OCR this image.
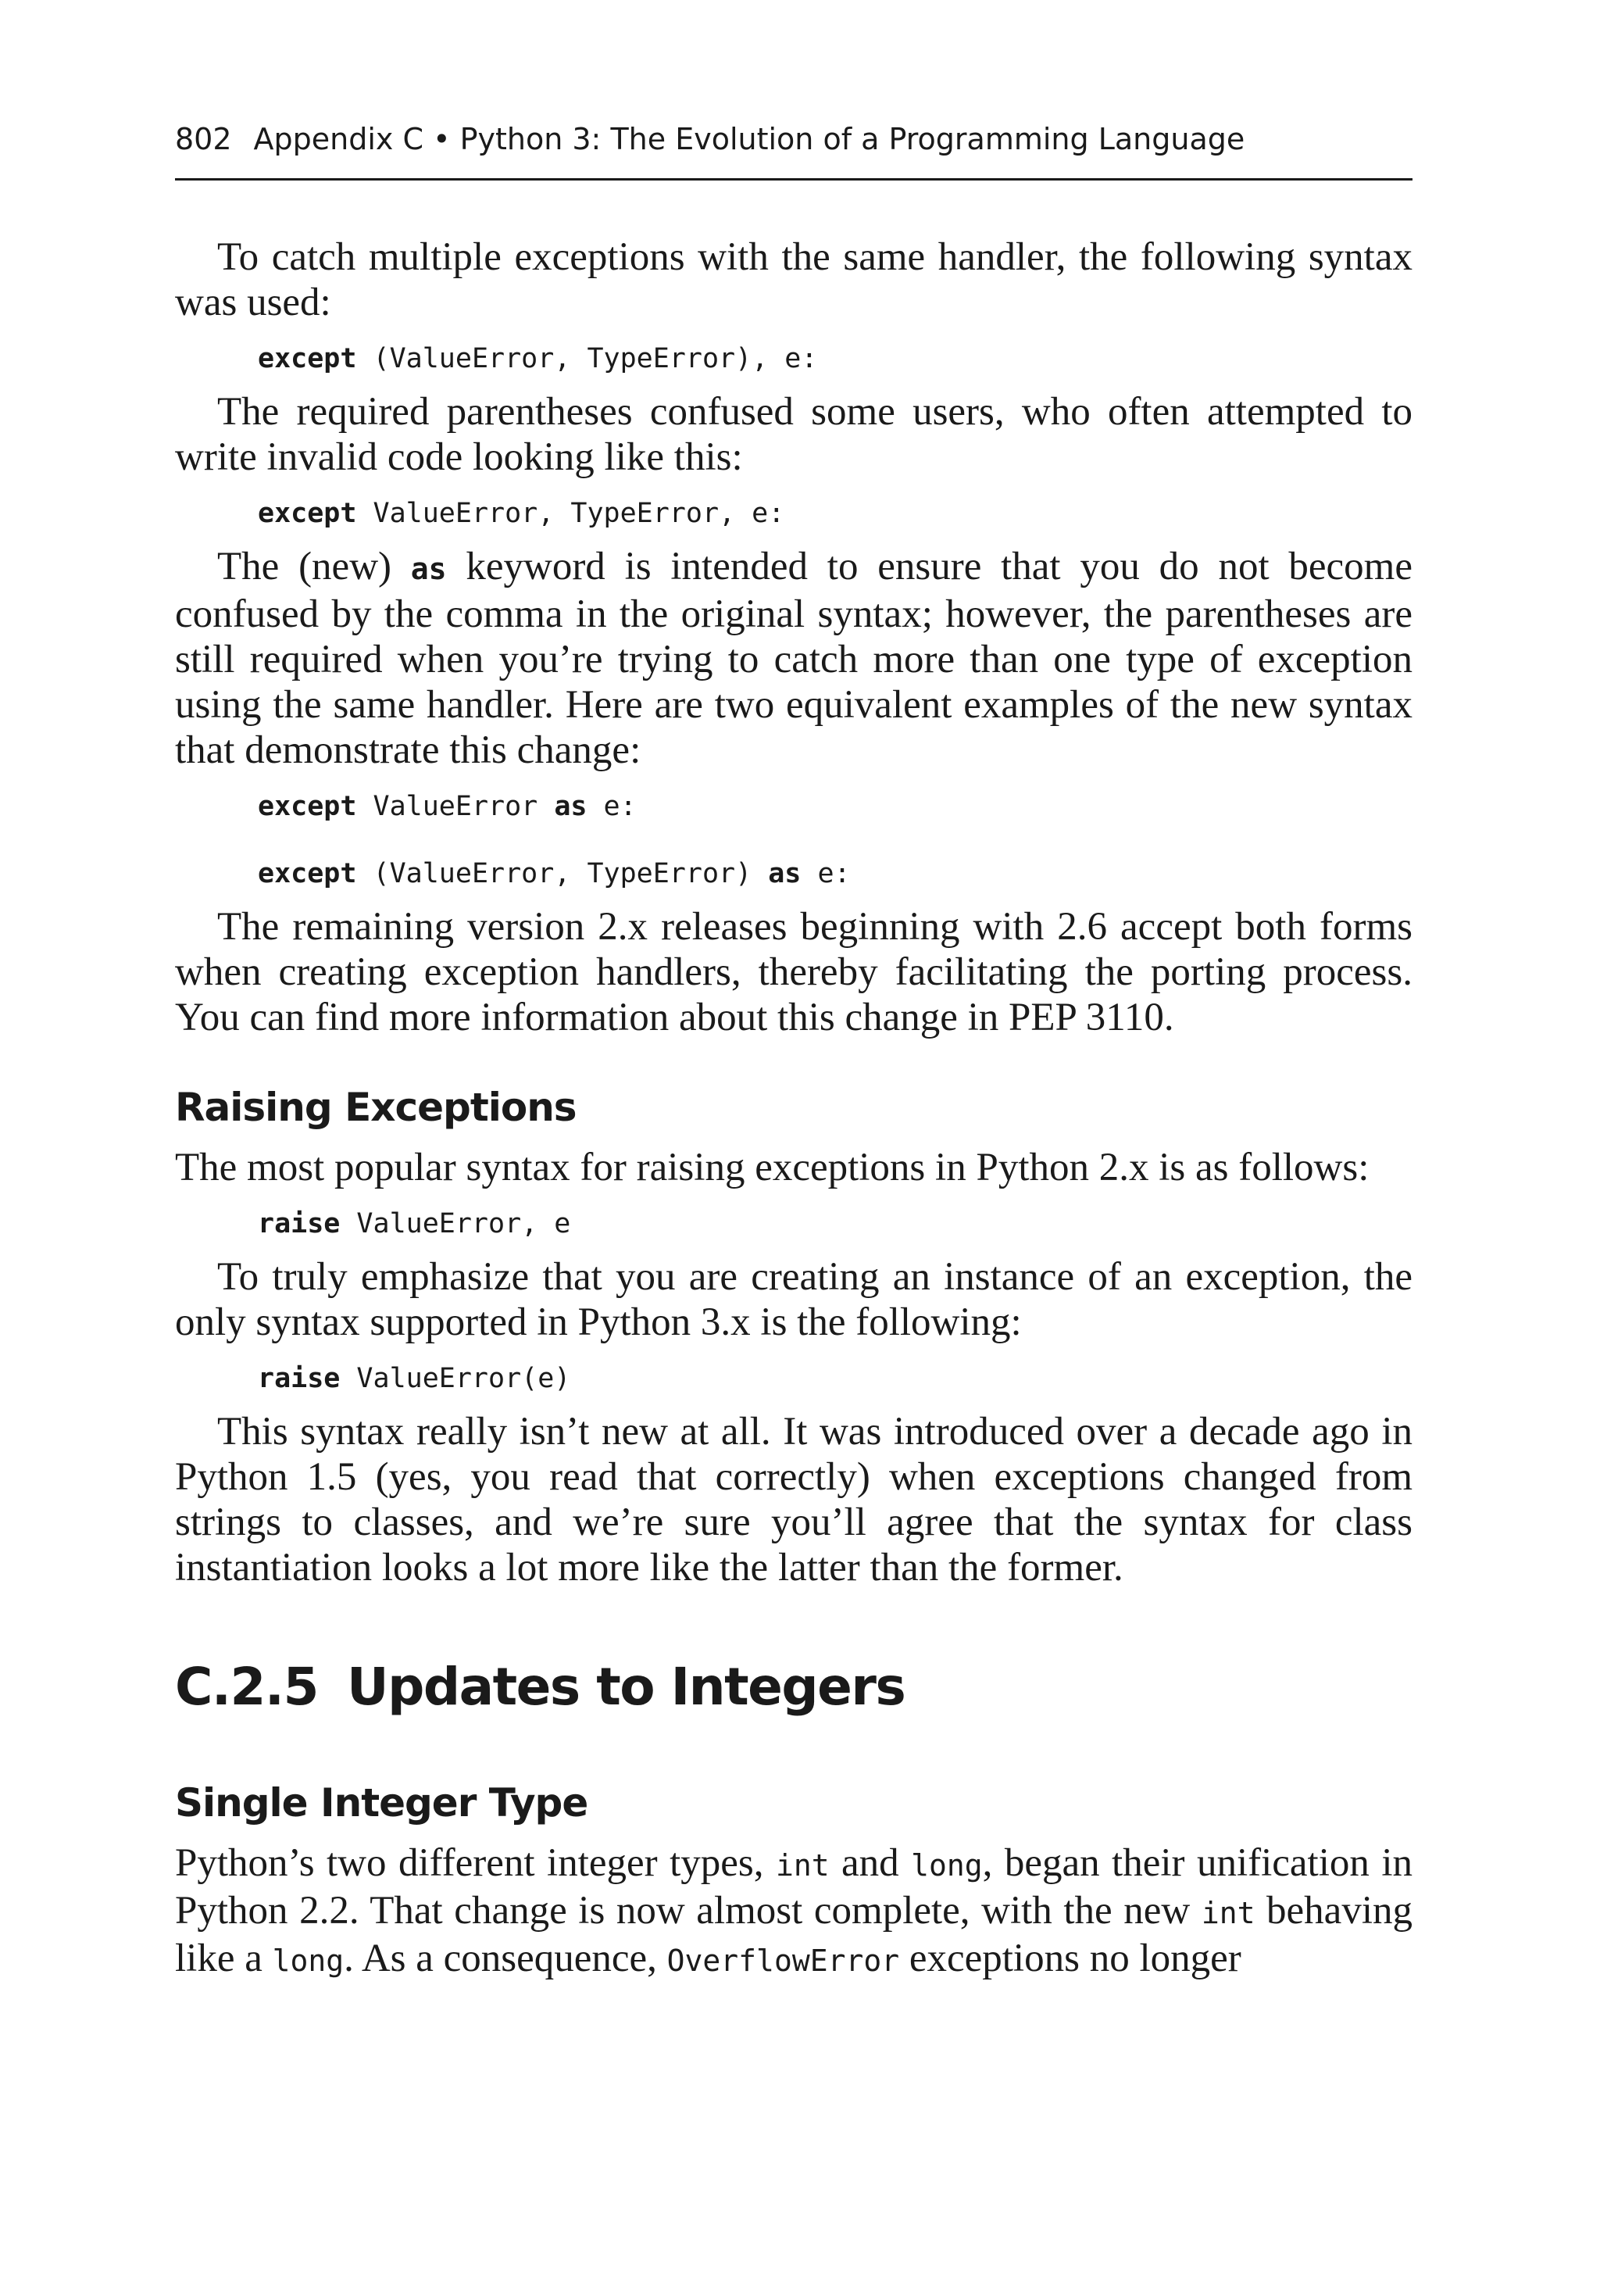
802 Appendix C • Python 3: The Evolution of a Programming Language

To catch multiple exceptions with the same handler, the following syntax was used:

except (ValueError, TypeError), e:

The required parentheses confused some users, who often attempted to write invalid code looking like this:

except ValueError, TypeError, e:

The (new) as keyword is intended to ensure that you do not become confused by the comma in the original syntax; however, the parentheses are still required when you’re trying to catch more than one type of exception using the same handler. Here are two equivalent examples of the new syntax that demonstrate this change:

except ValueError as e:
except (ValueError, TypeError) as e:

The remaining version 2.x releases beginning with 2.6 accept both forms when creating exception handlers, thereby facilitating the porting process. You can find more information about this change in PEP 3110.

Raising Exceptions

The most popular syntax for raising exceptions in Python 2.x is as follows:

raise ValueError, e

To truly emphasize that you are creating an instance of an exception, the only syntax supported in Python 3.x is the following:

raise ValueError(e)

This syntax really isn’t new at all. It was introduced over a decade ago in Python 1.5 (yes, you read that correctly) when exceptions changed from strings to classes, and we’re sure you’ll agree that the syntax for class instantiation looks a lot more like the latter than the former.

C.2.5 Updates to Integers
Single Integer Type

Python’s two different integer types, int and long, began their unification in Python 2.2. That change is now almost complete, with the new int behaving like a long. As a consequence, OverflowError exceptions no longer
